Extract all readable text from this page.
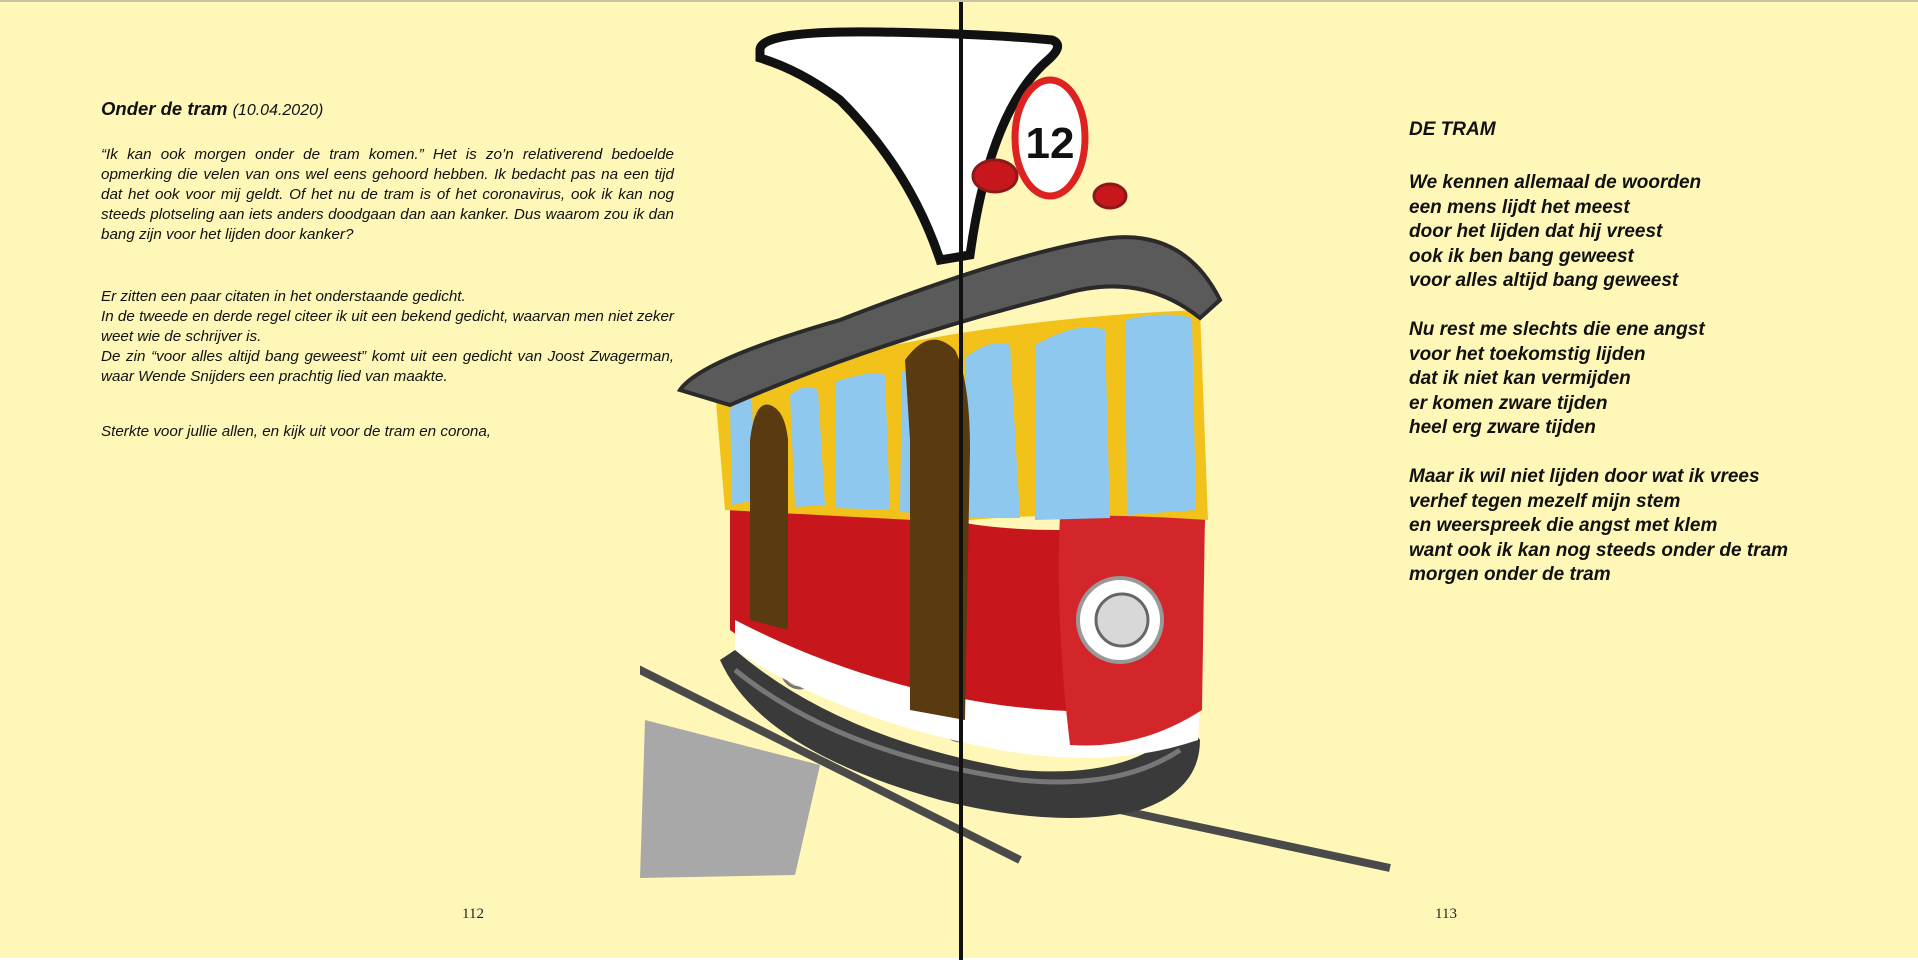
Onder de tram (10.04.2020)

“Ik kan ook morgen onder de tram komen.” Het is zo’n relativerend bedoelde opmerking die velen van ons wel eens gehoord hebben. Ik bedacht pas na een tijd dat het ook voor mij geldt. Of het nu de tram is of het coronavirus, ook ik kan nog steeds plotseling aan iets anders doodgaan dan aan kanker. Dus waarom zou ik dan bang zijn voor het lijden door kanker?

Er zitten een paar citaten in het onderstaande gedicht.

In de tweede en derde regel citeer ik uit een bekend gedicht, waarvan men niet zeker weet wie de schrijver is.

De zin “voor alles altijd bang geweest” komt uit een gedicht van Joost Zwagerman, waar Wende Snijders een prachtig lied van maakte.

Sterkte voor jullie allen, en kijk uit voor de tram en corona,

112	113
12	DE TRAM
We kennen allemaal de woorden
een mens lijdt het meest
door het lijden dat hij vreest
ook ik ben bang geweest
voor alles altijd bang geweest
Nu rest me slechts die ene angst
voor het toekomstig lijden
dat ik niet kan vermijden
er komen zware tijden
heel erg zware tijden
Maar ik wil niet lijden door wat ik vrees
verhef tegen mezelf mijn stem
en weerspreek die angst met klem
want ook ik kan nog steeds onder de tram
morgen onder de tram
